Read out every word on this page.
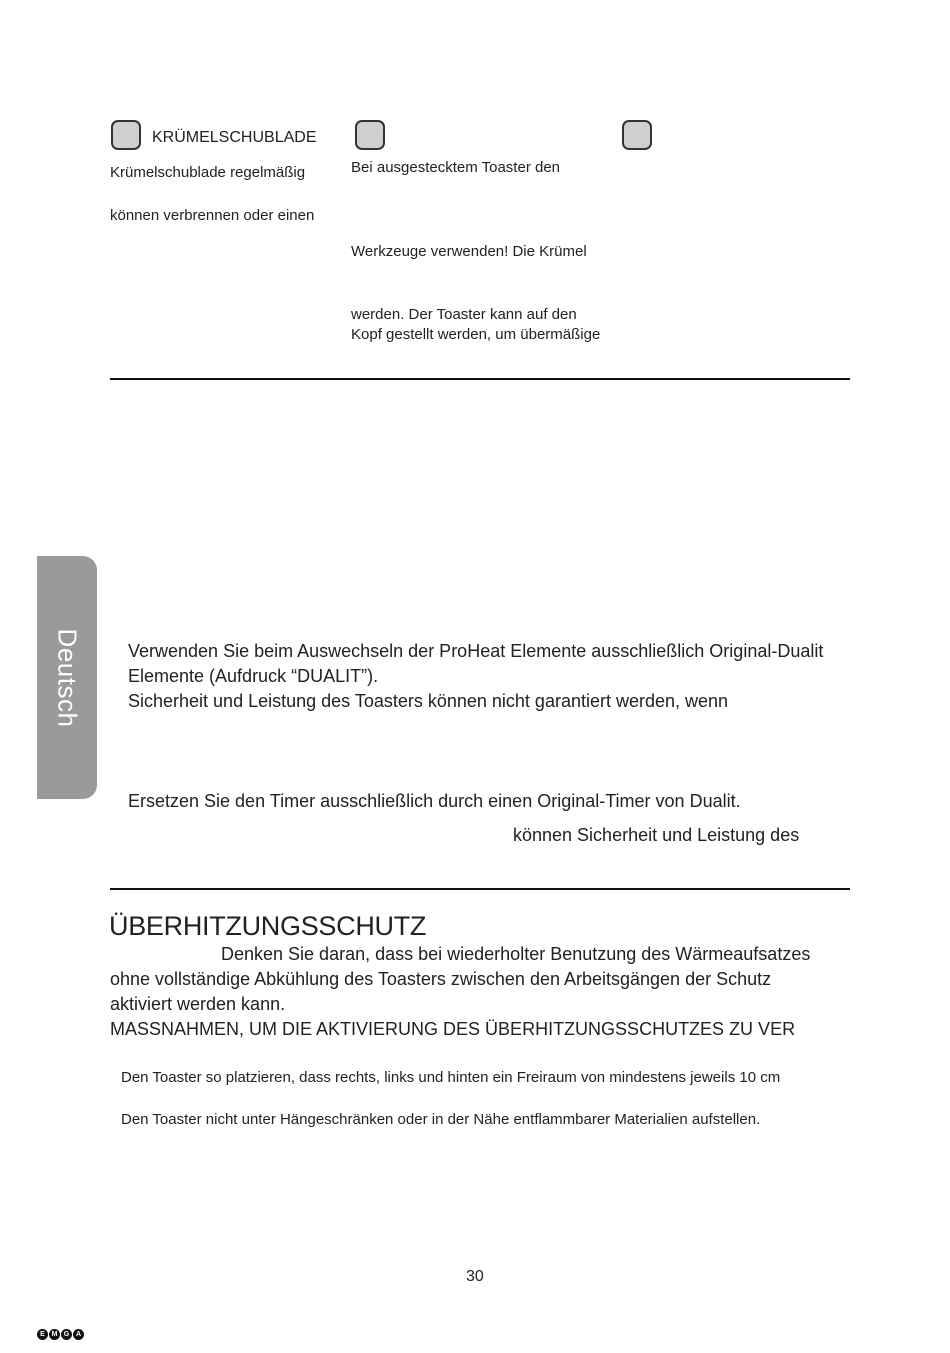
KRÜMELSCHUBLADE
Krümelschublade regelmäßig
können verbrennen oder einen
Bei ausgestecktem Toaster den
Werkzeuge verwenden! Die Krümel
werden. Der Toaster kann auf den
Kopf gestellt werden, um übermäßige
Deutsch	Verwenden Sie beim Auswechseln der ProHeat Elemente ausschließlich Original-Dualit
Elemente (Aufdruck “DUALIT”).
Sicherheit und Leistung des Toasters können nicht garantiert werden, wenn
Ersetzen Sie den Timer ausschließlich durch einen Original-Timer von Dualit.
können Sicherheit und Leistung des
ÜBERHITZUNGSSCHUTZ
Denken Sie daran, dass bei wiederholter Benutzung des Wärmeaufsatzes
ohne vollständige Abkühlung des Toasters zwischen den Arbeitsgängen der Schutz
aktiviert werden kann.
MASSNAHMEN, UM DIE AKTIVIERUNG DES ÜBERHITZUNGSSCHUTZES ZU VER
Den Toaster so platzieren, dass rechts, links und hinten ein Freiraum von mindestens jeweils 10 cm
Den Toaster nicht unter Hängeschränken oder in der Nähe entflammbarer Materialien aufstellen.
30
E M G A
